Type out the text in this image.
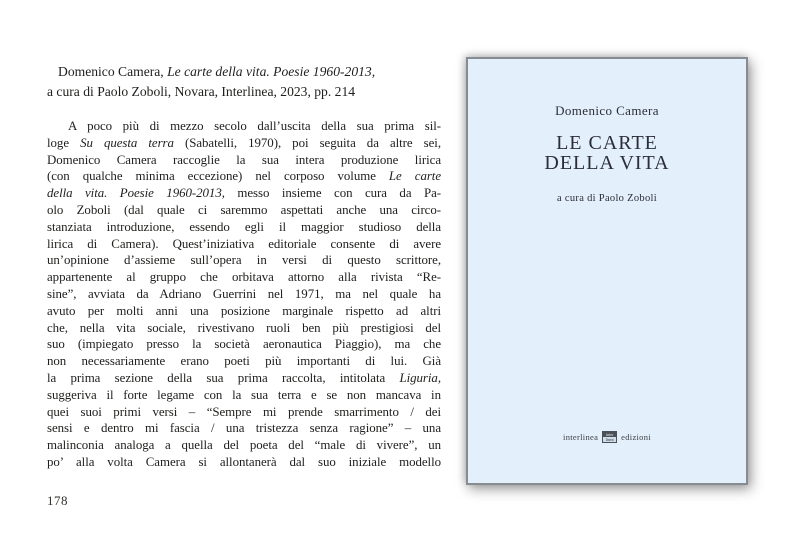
Domenico Camera, Le carte della vita. Poesie 1960-2013,
a cura di Paolo Zoboli, Novara, Interlinea, 2023, pp. 214
A poco più di mezzo secolo dall’uscita della sua prima sil-
loge Su questa terra (Sabatelli, 1970), poi seguita da altre sei,
Domenico Camera raccoglie la sua intera produzione lirica
(con qualche minima eccezione) nel corposo volume Le carte
della vita. Poesie 1960-2013, messo insieme con cura da Pa-
olo Zoboli (dal quale ci saremmo aspettati anche una circo-
stanziata introduzione, essendo egli il maggior studioso della
lirica di Camera). Quest’iniziativa editoriale consente di avere
un’opinione d’assieme sull’opera in versi di questo scrittore,
appartenente al gruppo che orbitava attorno alla rivista “Re-
sine”, avviata da Adriano Guerrini nel 1971, ma nel quale ha
avuto per molti anni una posizione marginale rispetto ad altri
che, nella vita sociale, rivestivano ruoli ben più prestigiosi del
suo (impiegato presso la società aeronautica Piaggio), ma che
non necessariamente erano poeti più importanti di lui. Già
la prima sezione della sua prima raccolta, intitolata Liguria,
suggeriva il forte legame con la sua terra e se non mancava in
quei suoi primi versi – “Sempre mi prende smarrimento / dei
sensi e dentro mi fascia / una tristezza senza ragione” – una
malinconia analoga a quella del poeta del “male di vivere”, un
po’ alla volta Camera si allontanerà dal suo iniziale modello
178
Domenico Camera
LE CARTE
DELLA VITA
a cura di Paolo Zoboli
interlinea	inter
linea edizioni
